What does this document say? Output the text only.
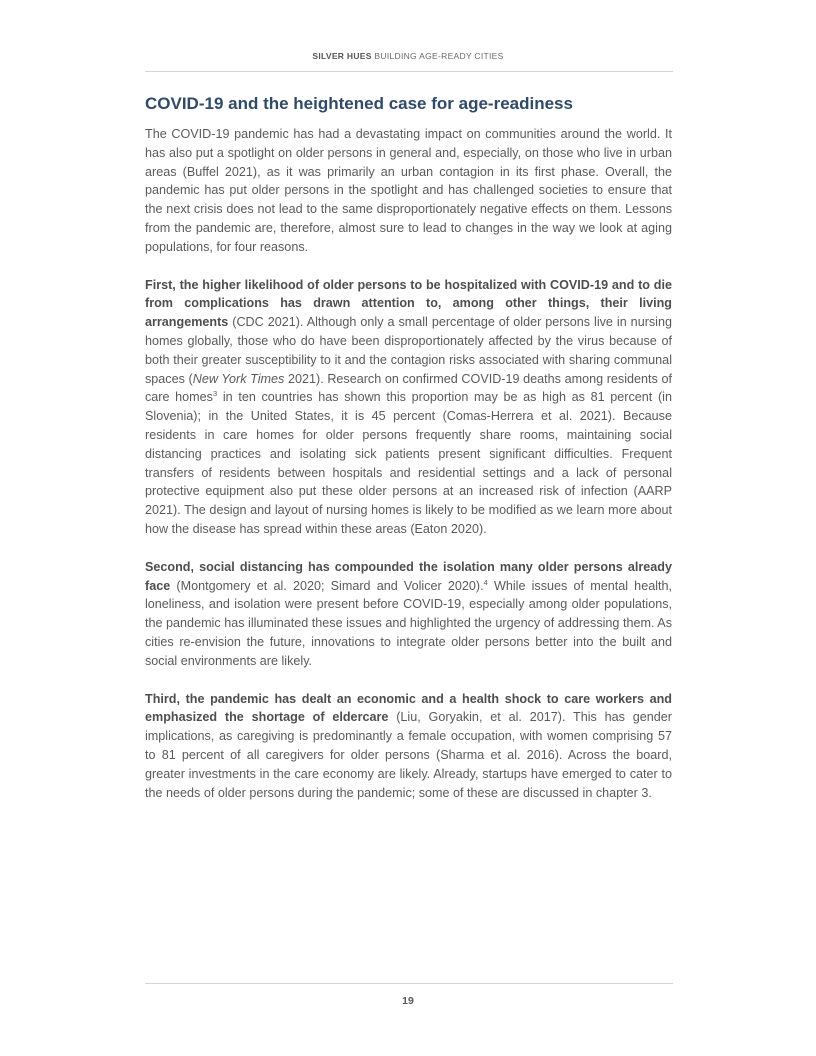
SILVER HUES BUILDING AGE-READY CITIES
COVID-19 and the heightened case for age-readiness

The COVID-19 pandemic has had a devastating impact on communities around the world. It has also put a spotlight on older persons in general and, especially, on those who live in urban areas (Buffel 2021), as it was primarily an urban contagion in its first phase. Overall, the pandemic has put older persons in the spotlight and has challenged societies to ensure that the next crisis does not lead to the same disproportionately negative effects on them. Lessons from the pandemic are, therefore, almost sure to lead to changes in the way we look at aging populations, for four reasons.

First, the higher likelihood of older persons to be hospitalized with COVID-19 and to die from complications has drawn attention to, among other things, their living arrangements (CDC 2021). Although only a small percentage of older persons live in nursing homes globally, those who do have been disproportionately affected by the virus because of both their greater susceptibility to it and the contagion risks associated with sharing communal spaces (New York Times 2021). Research on confirmed COVID-19 deaths among residents of care homes$^3$ in ten countries has shown this proportion may be as high as 81 percent (in Slovenia); in the United States, it is 45 percent (Comas-Herrera et al. 2021). Because residents in care homes for older persons frequently share rooms, maintaining social distancing practices and isolating sick patients present significant difficulties. Frequent transfers of residents between hospitals and residential settings and a lack of personal protective equipment also put these older persons at an increased risk of infection (AARP 2021). The design and layout of nursing homes is likely to be modified as we learn more about how the disease has spread within these areas (Eaton 2020).

Second, social distancing has compounded the isolation many older persons already face (Montgomery et al. 2020; Simard and Volicer 2020).$^4$ While issues of mental health, loneliness, and isolation were present before COVID-19, especially among older populations, the pandemic has illuminated these issues and highlighted the urgency of addressing them. As cities re-envision the future, innovations to integrate older persons better into the built and social environments are likely.

Third, the pandemic has dealt an economic and a health shock to care workers and emphasized the shortage of eldercare (Liu, Goryakin, et al. 2017). This has gender implications, as caregiving is predominantly a female occupation, with women comprising 57 to 81 percent of all caregivers for older persons (Sharma et al. 2016). Across the board, greater investments in the care economy are likely. Already, startups have emerged to cater to the needs of older persons during the pandemic; some of these are discussed in chapter 3.

19
